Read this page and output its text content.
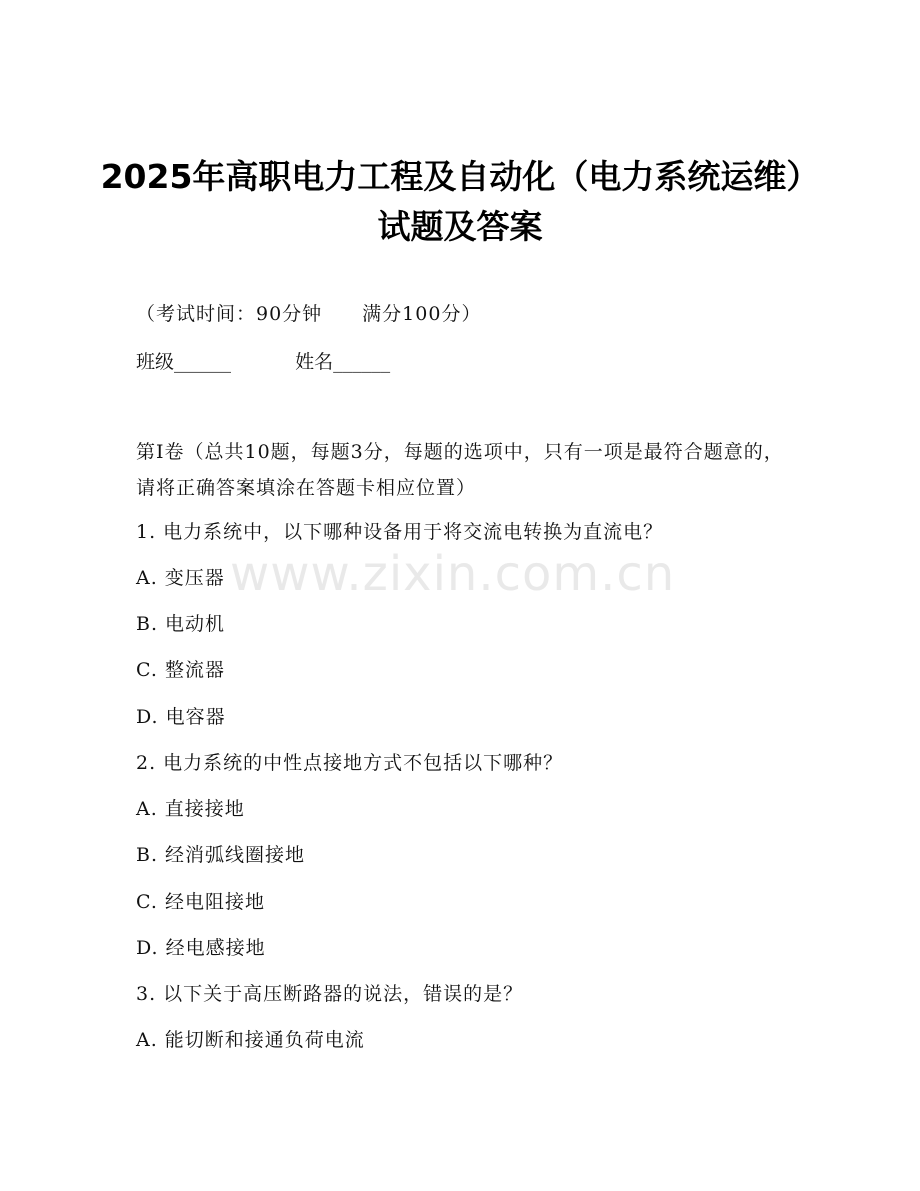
2025年高职电力工程及自动化（电力系统运维）试题及答案
（考试时间：90分钟　　满分100分）
班级______	姓名______
第I卷（总共10题，每题3分，每题的选项中，只有一项是最符合题意的，请将正确答案填涂在答题卡相应位置）
1. 电力系统中，以下哪种设备用于将交流电转换为直流电？
A. 变压器
B. 电动机
C. 整流器
D. 电容器
2. 电力系统的中性点接地方式不包括以下哪种？
A. 直接接地
B. 经消弧线圈接地
C. 经电阻接地
D. 经电感接地
3. 以下关于高压断路器的说法，错误的是？
A. 能切断和接通负荷电流
www.zixin.com.cn
